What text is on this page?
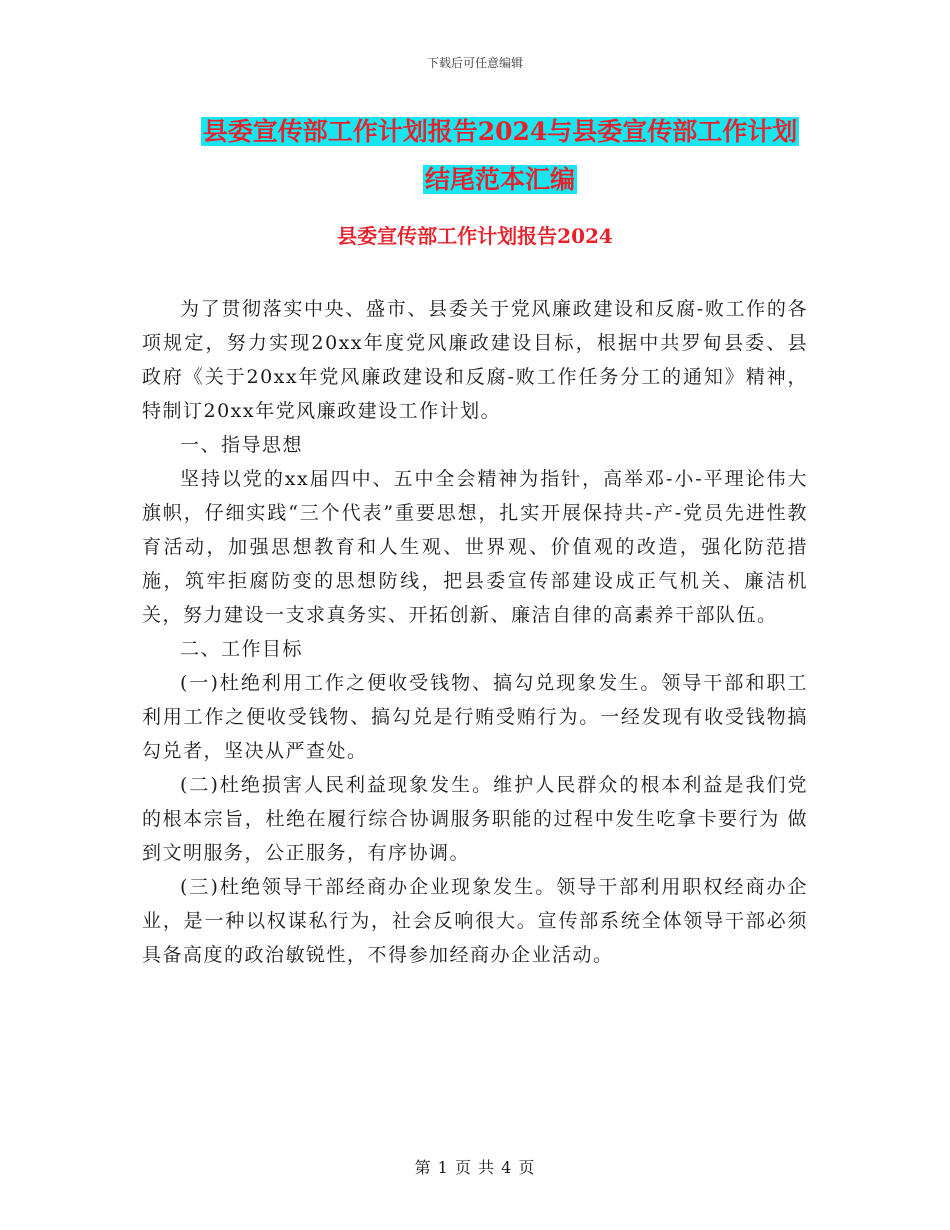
下载后可任意编辑
县委宣传部工作计划报告2024与县委宣传部工作计划
结尾范本汇编
县委宣传部工作计划报告2024

为了贯彻落实中央、盛市、县委关于党风廉政建设和反腐-败工作的各项规定，努力实现20xx年度党风廉政建设目标，根据中共罗甸县委、县政府《关于20xx年党风廉政建设和反腐-败工作任务分工的通知》精神，特制订20xx年党风廉政建设工作计划。

一、指导思想

坚持以党的xx届四中、五中全会精神为指针，高举邓-小-平理论伟大旗帜，仔细实践“三个代表”重要思想，扎实开展保持共-产-党员先进性教育活动，加强思想教育和人生观、世界观、价值观的改造，强化防范措施，筑牢拒腐防变的思想防线，把县委宣传部建设成正气机关、廉洁机关，努力建设一支求真务实、开拓创新、廉洁自律的高素养干部队伍。

二、工作目标

(一)杜绝利用工作之便收受钱物、搞勾兑现象发生。领导干部和职工利用工作之便收受钱物、搞勾兑是行贿受贿行为。一经发现有收受钱物搞勾兑者，坚决从严查处。

(二)杜绝损害人民利益现象发生。维护人民群众的根本利益是我们党的根本宗旨，杜绝在履行综合协调服务职能的过程中发生吃拿卡要行为 做到文明服务，公正服务，有序协调。

(三)杜绝领导干部经商办企业现象发生。领导干部利用职权经商办企业，是一种以权谋私行为，社会反响很大。宣传部系统全体领导干部必须具备高度的政治敏锐性，不得参加经商办企业活动。

第 1 页 共 4 页
